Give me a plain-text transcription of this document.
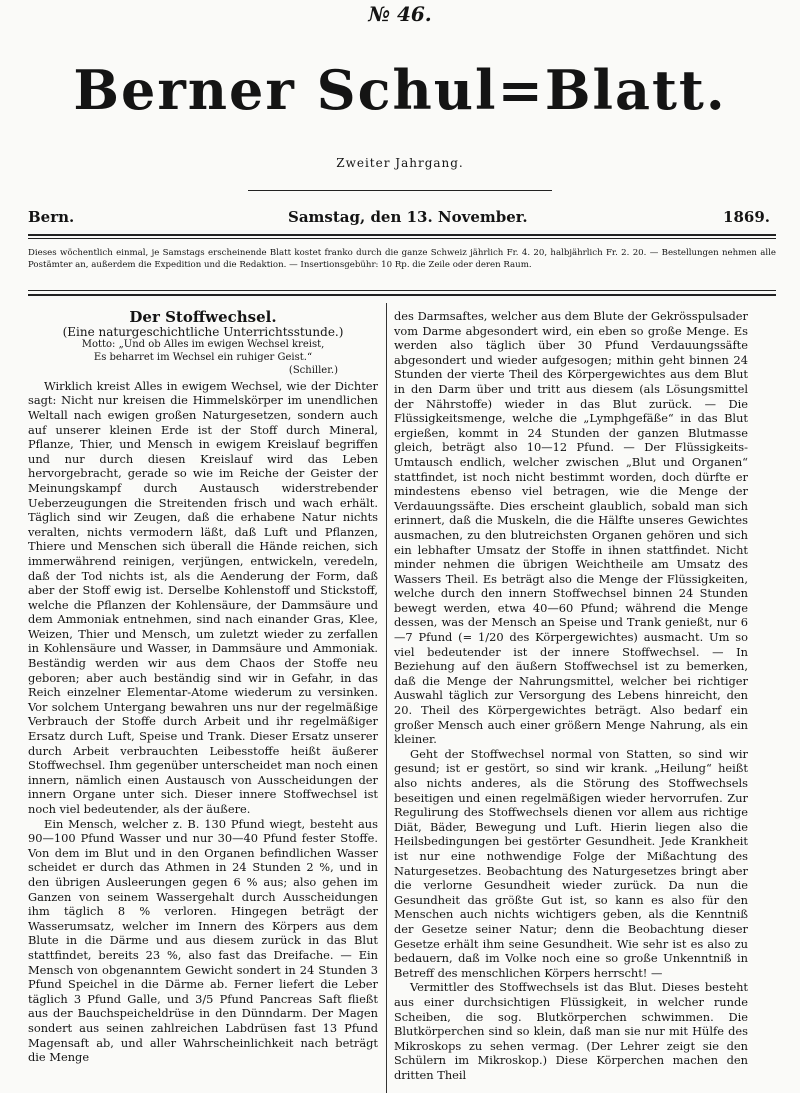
№ 46.
Berner Schul=Blatt.
Zweiter Jahrgang.
Bern.	Samstag, den 13. November.	1869.
Dieses wöchentlich einmal, je Samstags erscheinende Blatt kostet franko durch die ganze Schweiz jährlich Fr. 4. 20, halbjährlich Fr. 2. 20. — Bestellungen nehmen alle Postämter an, außerdem die Expedition und die Redaktion. — Insertionsgebühr: 10 Rp. die Zeile oder deren Raum.

Der Stoffwechsel.

(Eine naturgeschichtliche Unterrichtsstunde.)

Motto: „Und ob Alles im ewigen Wechsel kreist,

Es beharret im Wechsel ein ruhiger Geist.“

(Schiller.)

Wirklich kreist Alles in ewigem Wechsel, wie der Dichter sagt: Nicht nur kreisen die Himmelskörper im unendlichen Weltall nach ewigen großen Naturgesetzen, sondern auch auf unserer kleinen Erde ist der Stoff durch Mineral, Pflanze, Thier, und Mensch in ewigem Kreislauf begriffen und nur durch diesen Kreislauf wird das Leben hervorgebracht, gerade so wie im Reiche der Geister der Meinungskampf durch Austausch widerstrebender Ueberzeugungen die Streitenden frisch und wach erhält. Täglich sind wir Zeugen, daß die erhabene Natur nichts veralten, nichts vermodern läßt, daß Luft und Pflanzen, Thiere und Menschen sich überall die Hände reichen, sich immerwährend reinigen, verjüngen, entwickeln, veredeln, daß der Tod nichts ist, als die Aenderung der Form, daß aber der Stoff ewig ist. Derselbe Kohlenstoff und Stickstoff, welche die Pflanzen der Kohlensäure, der Dammsäure und dem Ammoniak entnehmen, sind nach einander Gras, Klee, Weizen, Thier und Mensch, um zuletzt wieder zu zerfallen in Kohlensäure und Wasser, in Dammsäure und Ammoniak. Beständig werden wir aus dem Chaos der Stoffe neu geboren; aber auch beständig sind wir in Gefahr, in das Reich einzelner Elementar-Atome wiederum zu versinken. Vor solchem Untergang bewahren uns nur der regelmäßige Verbrauch der Stoffe durch Arbeit und ihr regelmäßiger Ersatz durch Luft, Speise und Trank. Dieser Ersatz unserer durch Arbeit verbrauchten Leibesstoffe heißt äußerer Stoffwechsel. Ihm gegenüber unterscheidet man noch einen innern, nämlich einen Austausch von Ausscheidungen der innern Organe unter sich. Dieser innere Stoffwechsel ist noch viel bedeutender, als der äußere.

Ein Mensch, welcher z. B. 130 Pfund wiegt, besteht aus 90—100 Pfund Wasser und nur 30—40 Pfund fester Stoffe. Von dem im Blut und in den Organen befindlichen Wasser scheidet er durch das Athmen in 24 Stunden 2 %, und in den übrigen Ausleerungen gegen 6 % aus; also gehen im Ganzen von seinem Wassergehalt durch Ausscheidungen ihm täglich 8 % verloren. Hingegen beträgt der Wasserumsatz, welcher im Innern des Körpers aus dem Blute in die Därme und aus diesem zurück in das Blut stattfindet, bereits 23 %, also fast das Dreifache. — Ein Mensch von obgenanntem Gewicht sondert in 24 Stunden 3 Pfund Speichel in die Därme ab. Ferner liefert die Leber täglich 3 Pfund Galle, und 3/5 Pfund Pancreas Saft fließt aus der Bauchspeicheldrüse in den Dünndarm. Der Magen sondert aus seinen zahlreichen Labdrüsen fast 13 Pfund Magensaft ab, und aller Wahrscheinlichkeit nach beträgt die Menge

des Darmsaftes, welcher aus dem Blute der Gekrösspulsader vom Darme abgesondert wird, ein eben so große Menge. Es werden also täglich über 30 Pfund Verdauungssäfte abgesondert und wieder aufgesogen; mithin geht binnen 24 Stunden der vierte Theil des Körpergewichtes aus dem Blut in den Darm über und tritt aus diesem (als Lösungsmittel der Nährstoffe) wieder in das Blut zurück. — Die Flüssigkeitsmenge, welche die „Lymphgefäße“ in das Blut ergießen, kommt in 24 Stunden der ganzen Blutmasse gleich, beträgt also 10—12 Pfund. — Der Flüssigkeits-Umtausch endlich, welcher zwischen „Blut und Organen“ stattfindet, ist noch nicht bestimmt worden, doch dürfte er mindestens ebenso viel betragen, wie die Menge der Verdauungssäfte. Dies erscheint glaublich, sobald man sich erinnert, daß die Muskeln, die die Hälfte unseres Gewichtes ausmachen, zu den blutreichsten Organen gehören und sich ein lebhafter Umsatz der Stoffe in ihnen stattfindet. Nicht minder nehmen die übrigen Weichtheile am Umsatz des Wassers Theil. Es beträgt also die Menge der Flüssigkeiten, welche durch den innern Stoffwechsel binnen 24 Stunden bewegt werden, etwa 40—60 Pfund; während die Menge dessen, was der Mensch an Speise und Trank genießt, nur 6—7 Pfund (= 1/20 des Körpergewichtes) ausmacht. Um so viel bedeutender ist der innere Stoffwechsel. — In Beziehung auf den äußern Stoffwechsel ist zu bemerken, daß die Menge der Nahrungsmittel, welcher bei richtiger Auswahl täglich zur Versorgung des Lebens hinreicht, den 20. Theil des Körpergewichtes beträgt. Also bedarf ein großer Mensch auch einer größern Menge Nahrung, als ein kleiner.

Geht der Stoffwechsel normal von Statten, so sind wir gesund; ist er gestört, so sind wir krank. „Heilung“ heißt also nichts anderes, als die Störung des Stoffwechsels beseitigen und einen regelmäßigen wieder hervorrufen. Zur Regulirung des Stoffwechsels dienen vor allem aus richtige Diät, Bäder, Bewegung und Luft. Hierin liegen also die Heilsbedingungen bei gestörter Gesundheit. Jede Krankheit ist nur eine nothwendige Folge der Mißachtung des Naturgesetzes. Beobachtung des Naturgesetzes bringt aber die verlorne Gesundheit wieder zurück. Da nun die Gesundheit das größte Gut ist, so kann es also für den Menschen auch nichts wichtigers geben, als die Kenntniß der Gesetze seiner Natur; denn die Beobachtung dieser Gesetze erhält ihm seine Gesundheit. Wie sehr ist es also zu bedauern, daß im Volke noch eine so große Unkenntniß in Betreff des menschlichen Körpers herrscht! —

Vermittler des Stoffwechsels ist das Blut. Dieses besteht aus einer durchsichtigen Flüssigkeit, in welcher runde Scheiben, die sog. Blutkörperchen schwimmen. Die Blutkörperchen sind so klein, daß man sie nur mit Hülfe des Mikroskops zu sehen vermag. (Der Lehrer zeigt sie den Schülern im Mikroskop.) Diese Körperchen machen den dritten Theil
